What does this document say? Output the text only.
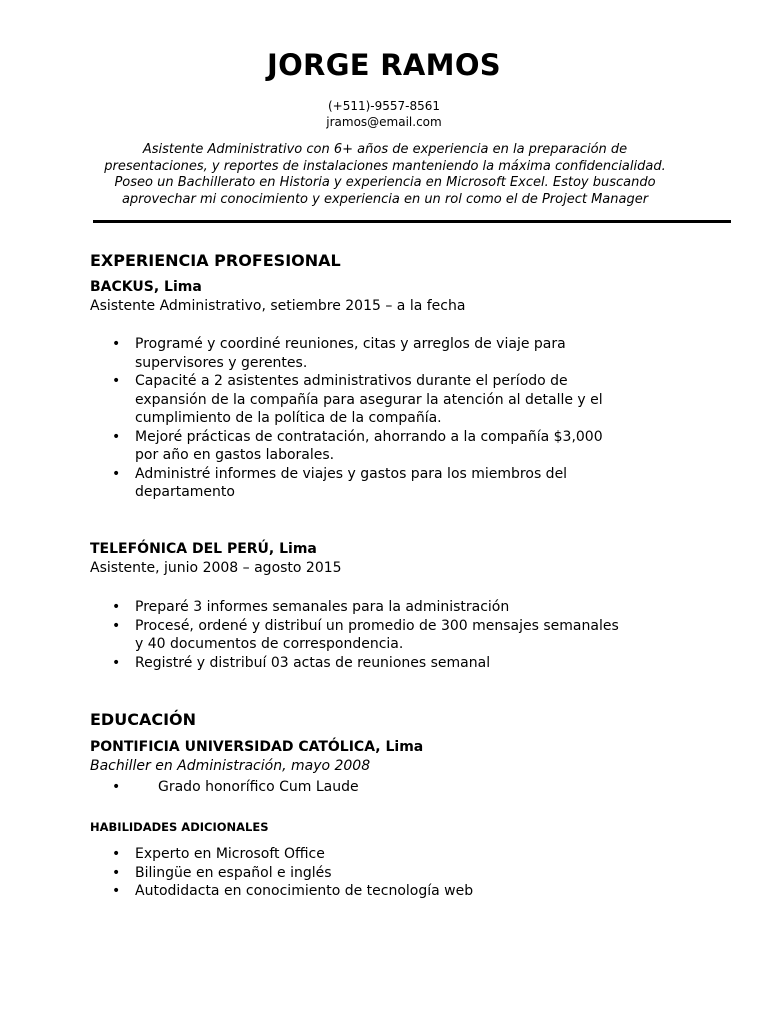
JORGE RAMOS
(+511)-9557-8561
jramos@email.com
Asistente Administrativo con 6+ años de experiencia en la preparación de presentaciones, y reportes de instalaciones manteniendo la máxima confidencialidad. Poseo un Bachillerato en Historia y experiencia en Microsoft Excel. Estoy buscando aprovechar mi conocimiento y experiencia en un rol como el de Project Manager
EXPERIENCIA PROFESIONAL
BACKUS, Lima
Asistente Administrativo, setiembre 2015 – a la fecha
• Programé y coordiné reuniones, citas y arreglos de viaje para supervisores y gerentes.
• Capacité a 2 asistentes administrativos durante el período de expansión de la compañía para asegurar la atención al detalle y el cumplimiento de la política de la compañía.
• Mejoré prácticas de contratación, ahorrando a la compañía $3,000 por año en gastos laborales.
• Administré informes de viajes y gastos para los miembros del departamento
TELEFÓNICA DEL PERÚ, Lima
Asistente, junio 2008 – agosto 2015
• Preparé 3 informes semanales para la administración
• Procesé, ordené y distribuí un promedio de 300 mensajes semanales y 40 documentos de correspondencia.
• Registré y distribuí 03 actas de reuniones semanal
EDUCACIÓN
PONTIFICIA UNIVERSIDAD CATÓLICA, Lima
Bachiller en Administración, mayo 2008
• Grado honorífico Cum Laude
HABILIDADES ADICIONALES
• Experto en Microsoft Office
• Bilingüe en español e inglés
• Autodidacta en conocimiento de tecnología web
